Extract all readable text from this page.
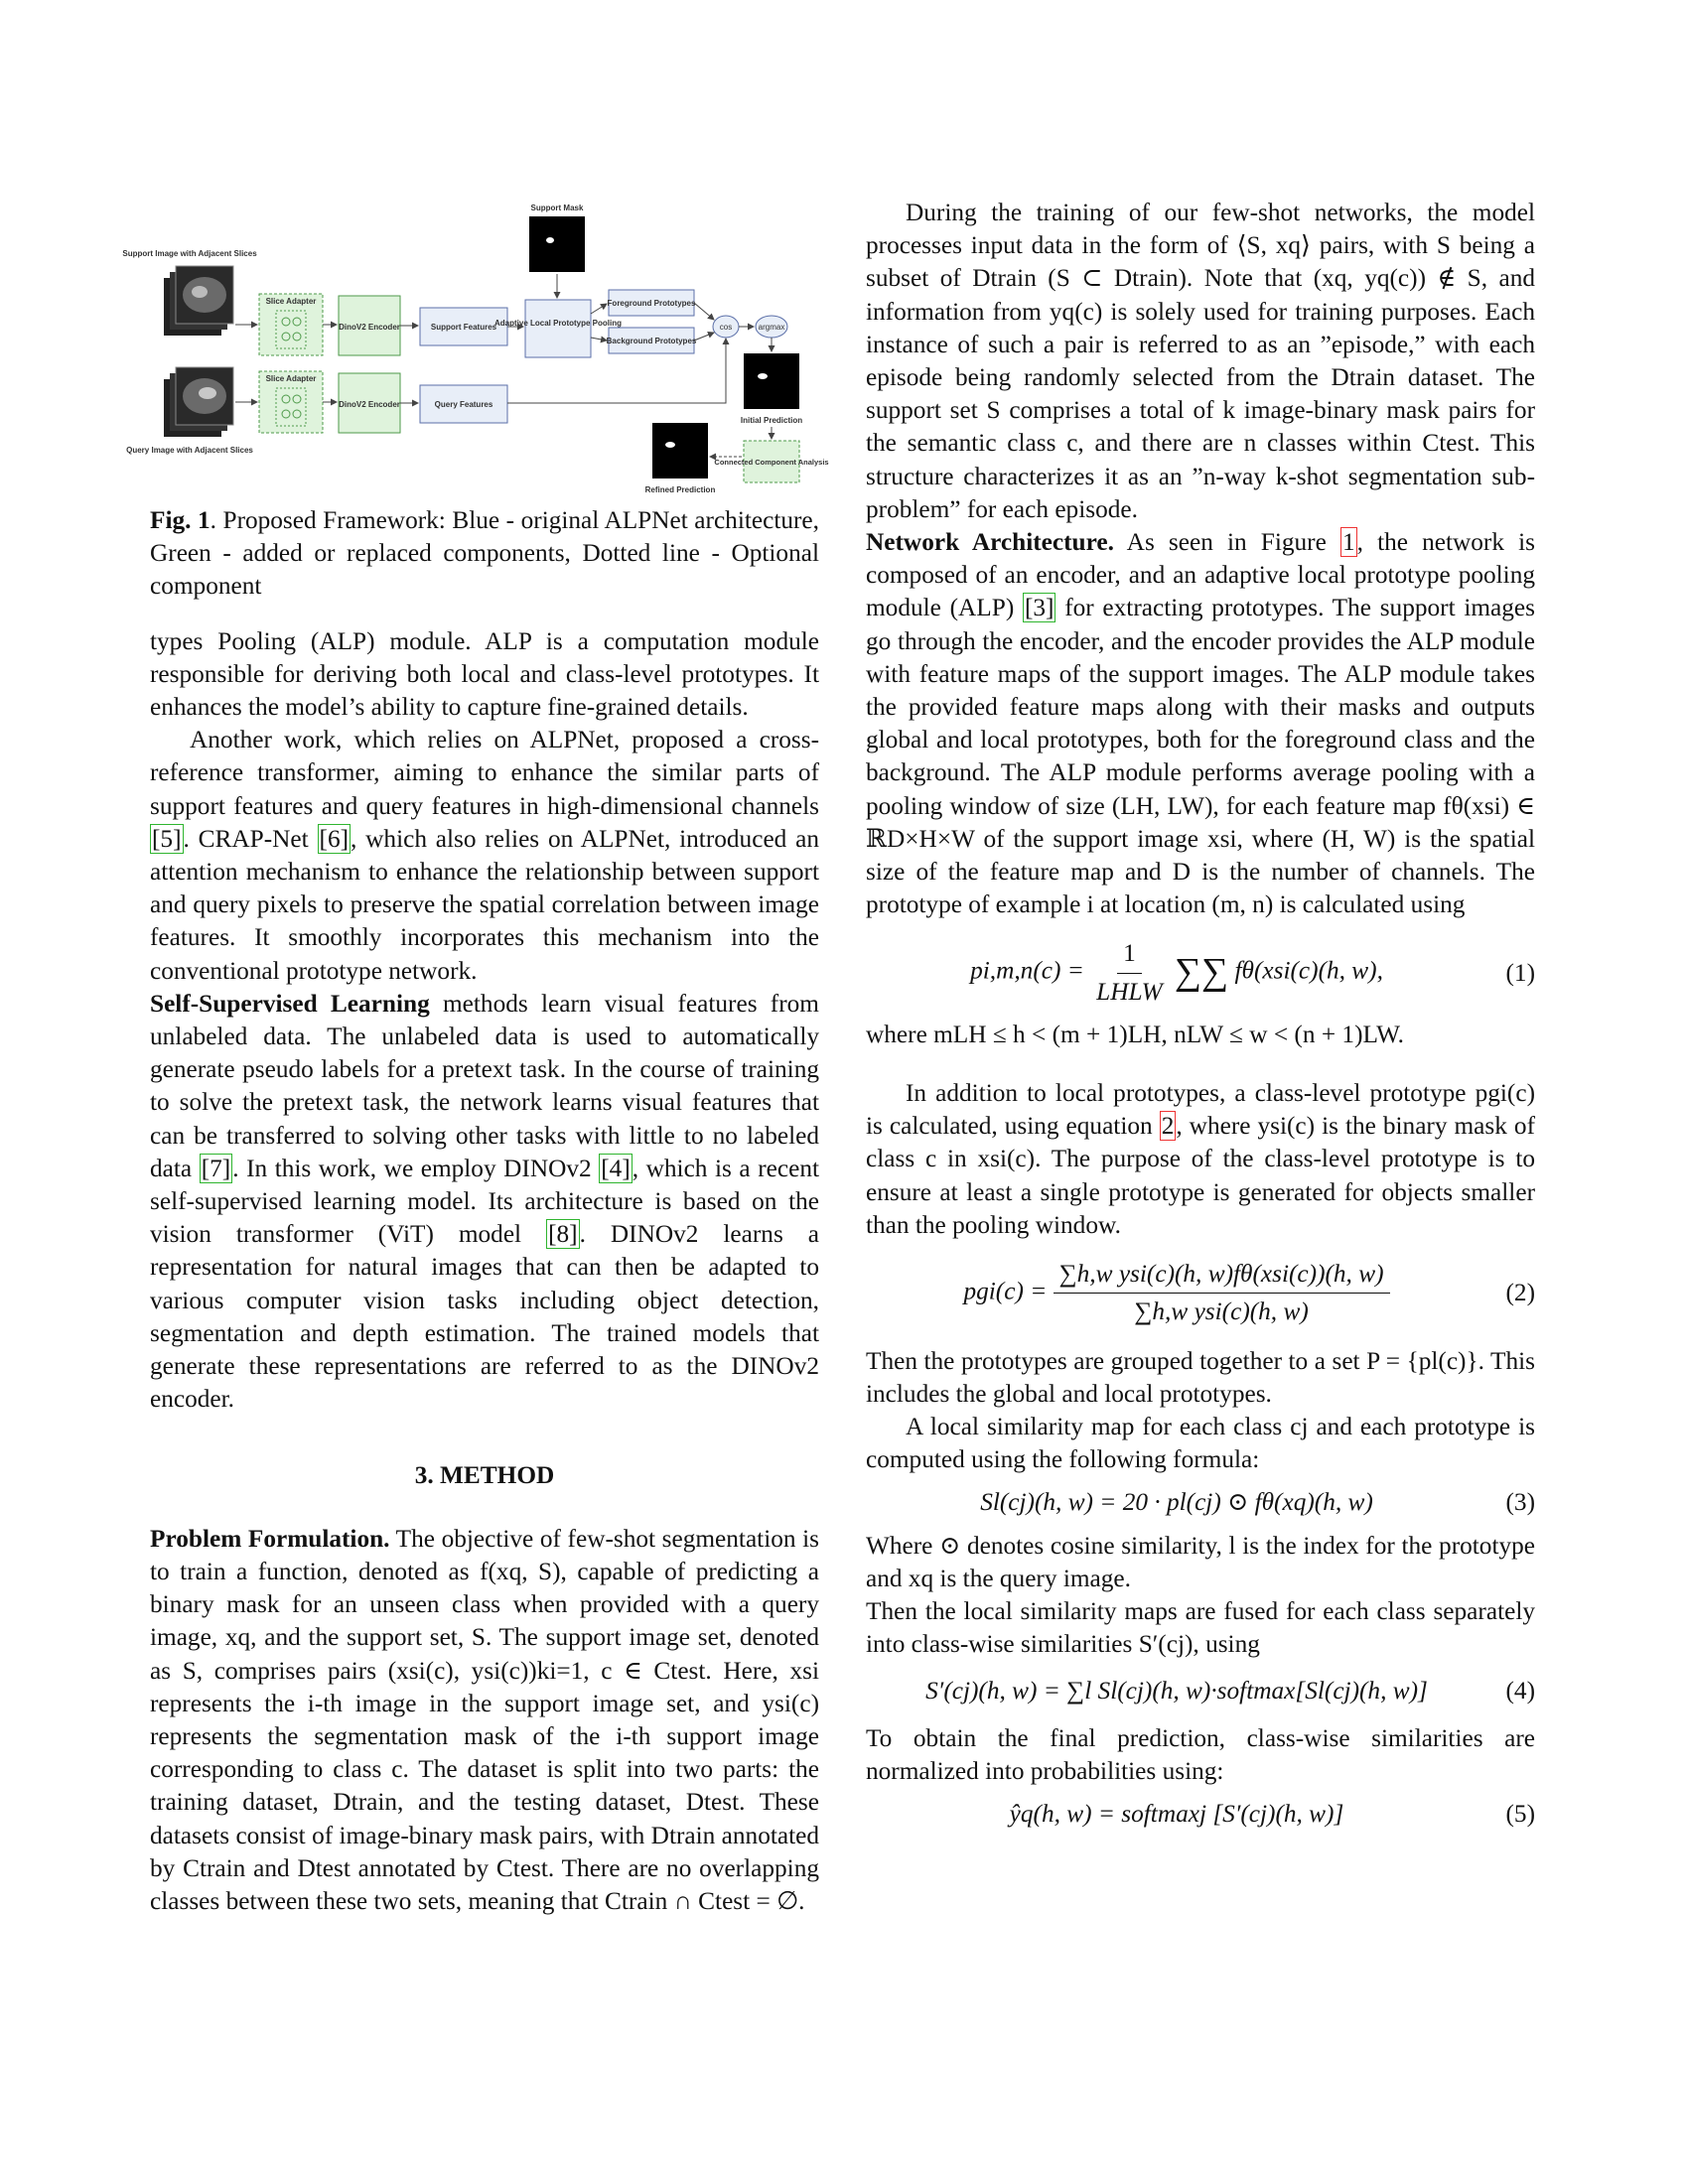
Support Image with Adjacent Slices
Query Image with Adjacent Slices
Slice Adapter
Slice Adapter
DinoV2 Encoder
DinoV2 Encoder
Support Features
Query Features
Support Mask
Adaptive Local Prototype Pooling
Foreground Prototypes
Background Prototypes
cos	argmax
Initial Prediction
Connected Component Analysis
Refined Prediction

Fig. 1. Proposed Framework: Blue - original ALPNet architecture, Green - added or replaced components, Dotted line - Optional component

types Pooling (ALP) module. ALP is a computation module responsible for deriving both local and class-level prototypes. It enhances the model’s ability to capture fine-grained details.

Another work, which relies on ALPNet, proposed a cross-reference transformer, aiming to enhance the similar parts of support features and query features in high-dimensional channels [5]. CRAP-Net [6], which also relies on ALPNet, introduced an attention mechanism to enhance the relationship between support and query pixels to preserve the spatial correlation between image features. It smoothly incorporates this mechanism into the conventional prototype network.

Self-Supervised Learning methods learn visual features from unlabeled data. The unlabeled data is used to automatically generate pseudo labels for a pretext task. In the course of training to solve the pretext task, the network learns visual features that can be transferred to solving other tasks with little to no labeled data [7]. In this work, we employ DINOv2 [4], which is a recent self-supervised learning model. Its architecture is based on the vision transformer (ViT) model [8]. DINOv2 learns a representation for natural images that can then be adapted to various computer vision tasks including object detection, segmentation and depth estimation. The trained models that generate these representations are referred to as the DINOv2 encoder.

3. METHOD

Problem Formulation. The objective of few-shot segmentation is to train a function, denoted as f(xq, S), capable of predicting a binary mask for an unseen class when provided with a query image, xq, and the support set, S. The support image set, denoted as S, comprises pairs (xsi(c), ysi(c))ki=1, c ∈ Ctest. Here, xsi represents the i-th image in the support image set, and ysi(c) represents the segmentation mask of the i-th support image corresponding to class c. The dataset is split into two parts: the training dataset, Dtrain, and the testing dataset, Dtest. These datasets consist of image-binary mask pairs, with Dtrain annotated by Ctrain and Dtest annotated by Ctest. There are no overlapping classes between these two sets, meaning that Ctrain ∩ Ctest = ∅.

During the training of our few-shot networks, the model processes input data in the form of ⟨S, xq⟩ pairs, with S being a subset of Dtrain (S ⊂ Dtrain). Note that (xq, yq(c)) ∉ S, and information from yq(c) is solely used for training purposes. Each instance of such a pair is referred to as an ”episode,” with each episode being randomly selected from the Dtrain dataset. The support set S comprises a total of k image-binary mask pairs for the semantic class c, and there are n classes within Ctest. This structure characterizes it as an ”n-way k-shot segmentation sub-problem” for each episode.

Network Architecture. As seen in Figure 1, the network is composed of an encoder, and an adaptive local prototype pooling module (ALP) [3] for extracting prototypes. The support images go through the encoder, and the encoder provides the ALP module with feature maps of the support images. The ALP module takes the provided feature maps along with their masks and outputs global and local prototypes, both for the foreground class and the background. The ALP module performs average pooling with a pooling window of size (LH, LW), for each feature map fθ(xsi) ∈ ℝD×H×W of the support image xsi, where (H, W) is the spatial size of the feature map and D is the number of channels. The prototype of example i at location (m, n) is calculated using

$pi,m,n(c) = \frac{1}{\text{LHLW}}$ ∑∑ fθ(xsi(c)(h, w),	(1)

where mLH ≤ h < (m + 1)LH, nLW ≤ w < (n + 1)LW.

In addition to local prototypes, a class-level prototype pgi(c) is calculated, using equation 2, where ysi(c) is the binary mask of class c in xsi(c). The purpose of the class-level prototype is to ensure at least a single prototype is generated for objects smaller than the pooling window.

$pgi(c) = \frac{\text{∑h,w ysi(c)(h, w)fθ(xsi(c))(h, w)}}{\text{∑h,w ysi(c)(h, w)}}$	(2)

Then the prototypes are grouped together to a set P = {pl(c)}. This includes the global and local prototypes.

A local similarity map for each class cj and each prototype is computed using the following formula:

Sl(cj)(h, w) = 20 · pl(cj) ⊙ fθ(xq)(h, w)	(3)

Where ⊙ denotes cosine similarity, l is the index for the prototype and xq is the query image.

Then the local similarity maps are fused for each class separately into class-wise similarities S′(cj), using

S′(cj)(h, w) = ∑l Sl(cj)(h, w)·softmax[Sl(cj)(h, w)]	(4)

To obtain the final prediction, class-wise similarities are normalized into probabilities using:

ŷq(h, w) = softmaxj [S′(cj)(h, w)]	(5)
